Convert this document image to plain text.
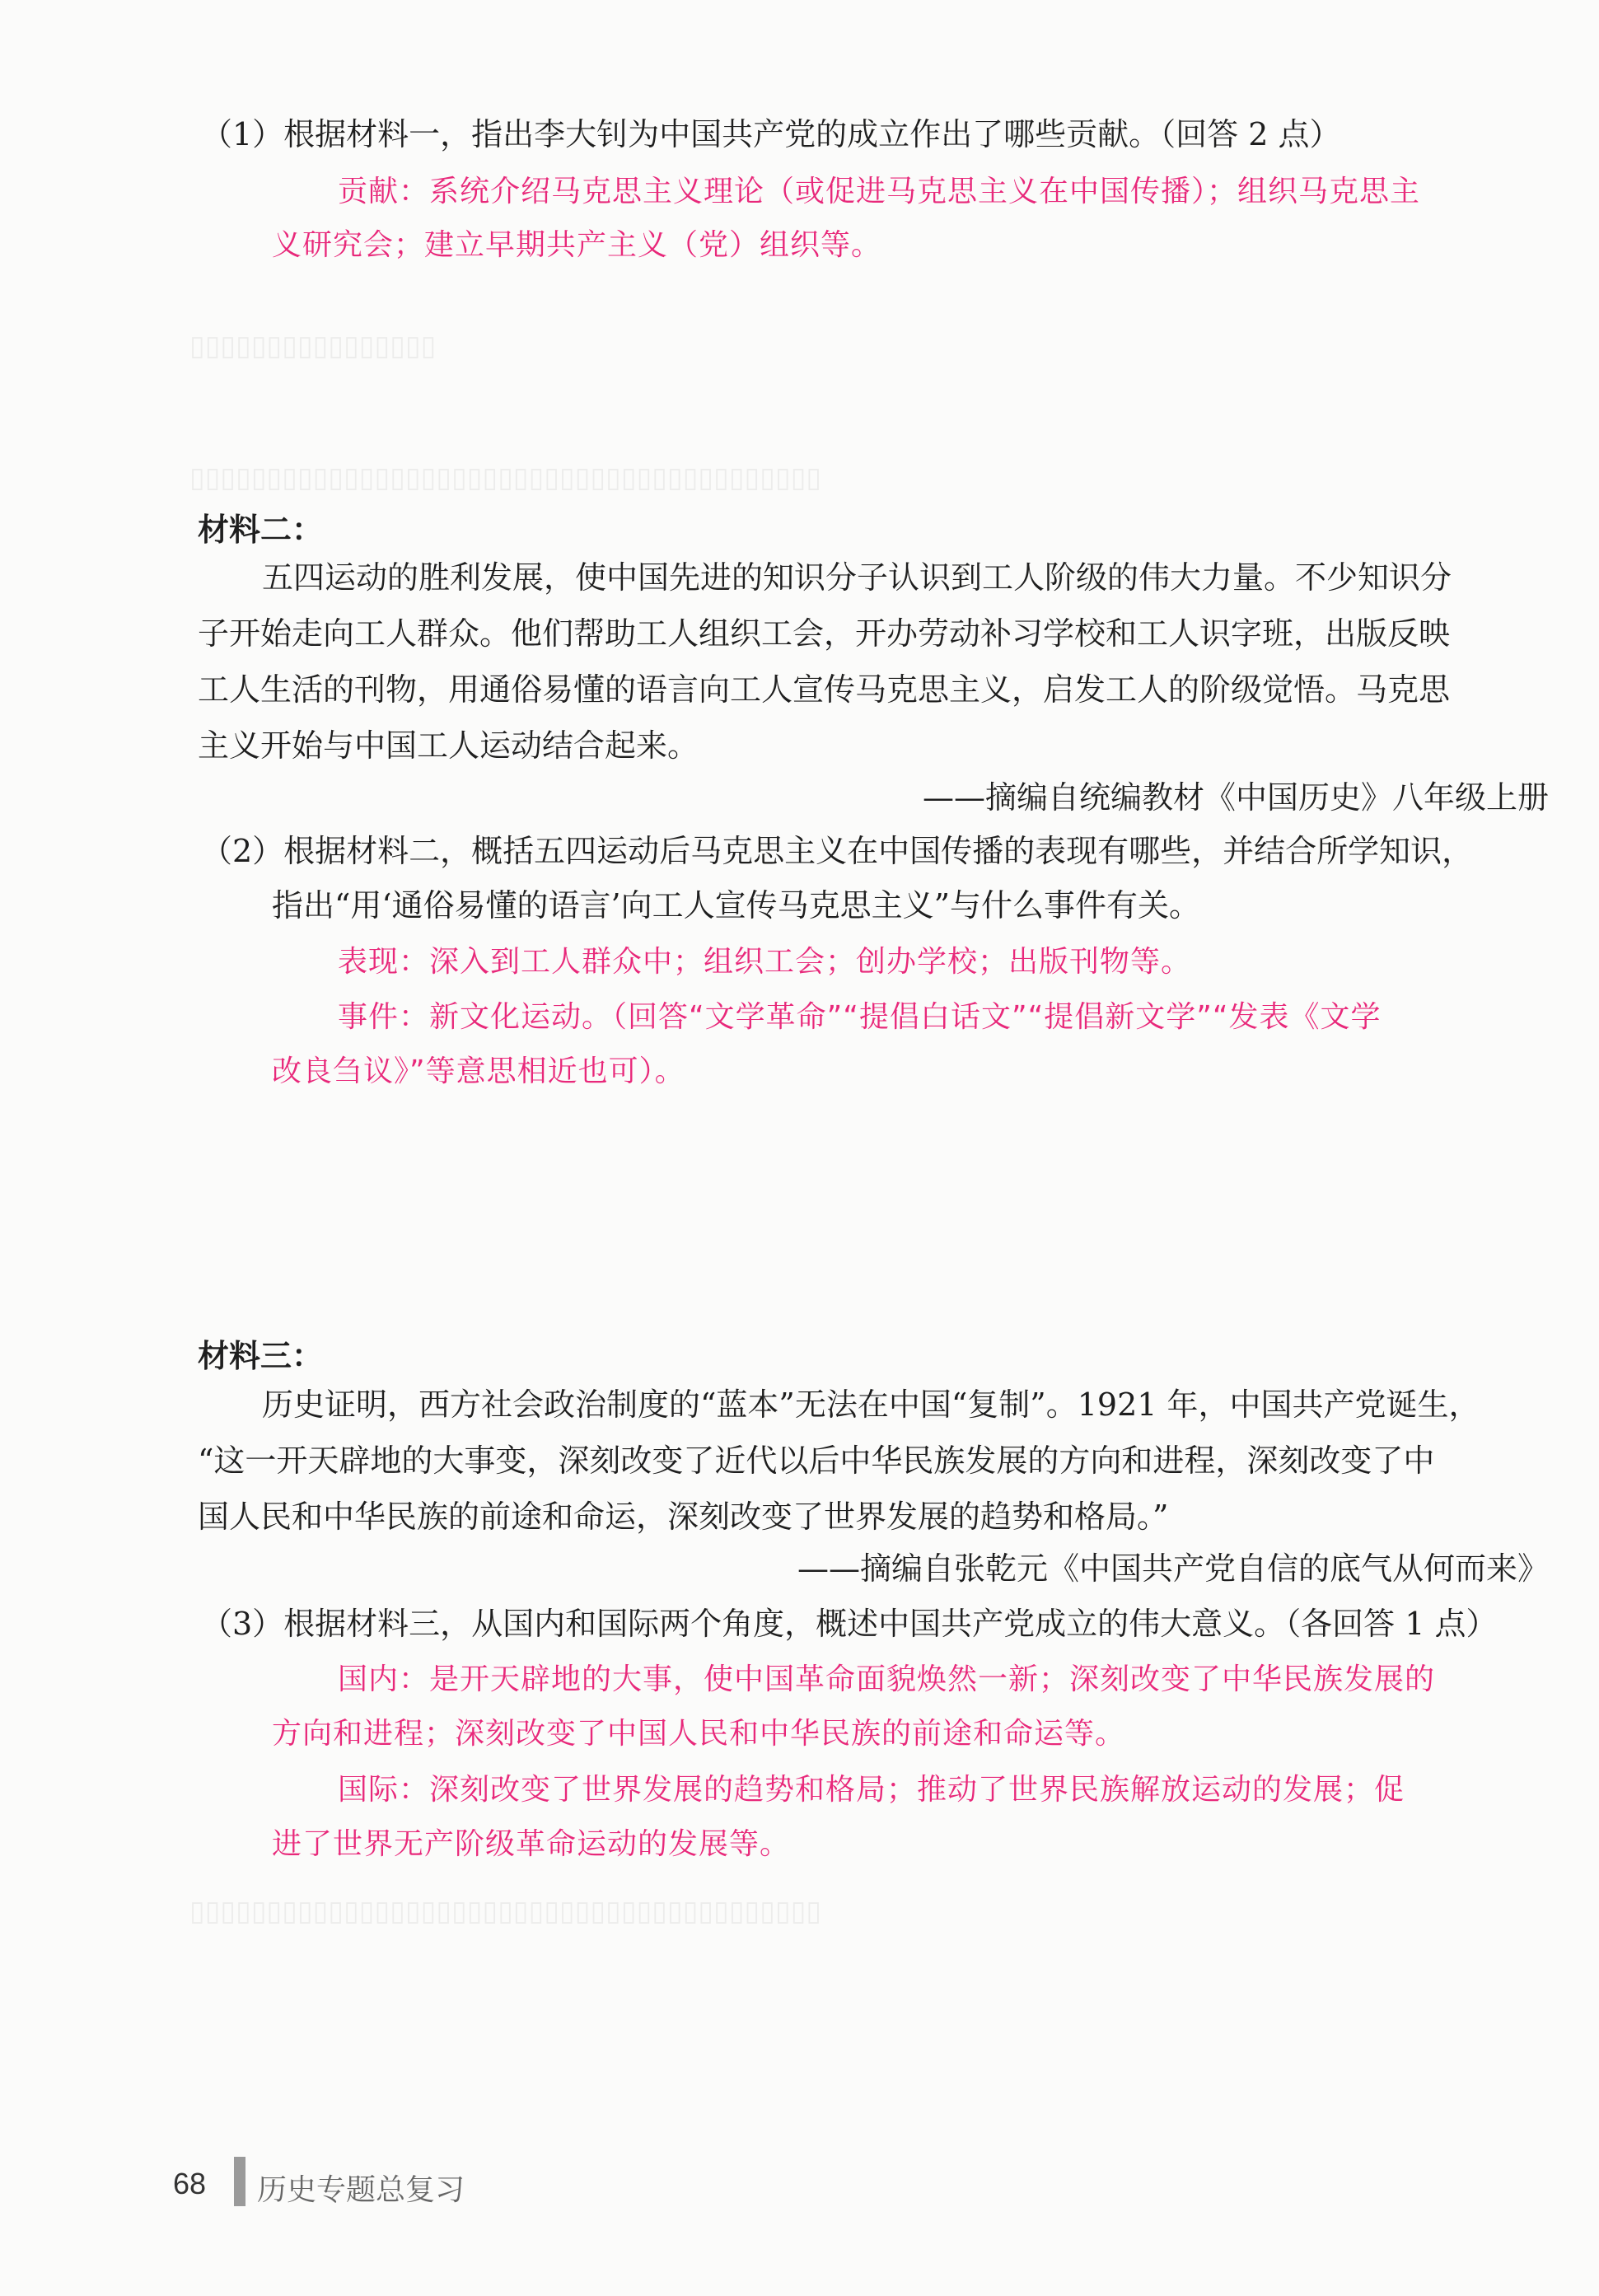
▯▯▯▯▯▯▯▯▯▯▯▯▯▯▯▯
▯▯▯▯▯▯▯▯▯▯▯▯▯▯▯▯▯▯▯▯▯▯▯▯▯▯▯▯▯▯▯▯▯▯▯▯▯▯▯▯▯
▯▯▯▯▯▯▯▯▯▯▯▯▯▯▯▯▯▯▯▯▯▯▯▯▯▯▯▯▯▯▯▯▯▯▯▯▯▯▯▯▯
（1）根据材料一，指出李大钊为中国共产党的成立作出了哪些贡献。（回答 2 点）
贡献：系统介绍马克思主义理论（或促进马克思主义在中国传播）；组织马克思主
义研究会；建立早期共产主义（党）组织等。
材料二：
五四运动的胜利发展，使中国先进的知识分子认识到工人阶级的伟大力量。不少知识分
子开始走向工人群众。他们帮助工人组织工会，开办劳动补习学校和工人识字班，出版反映
工人生活的刊物，用通俗易懂的语言向工人宣传马克思主义，启发工人的阶级觉悟。马克思
主义开始与中国工人运动结合起来。
——摘编自统编教材《中国历史》八年级上册
（2）根据材料二，概括五四运动后马克思主义在中国传播的表现有哪些，并结合所学知识，
指出“用‘通俗易懂的语言’向工人宣传马克思主义”与什么事件有关。
表现：深入到工人群众中；组织工会；创办学校；出版刊物等。
事件：新文化运动。（回答“文学革命”“提倡白话文”“提倡新文学”“发表《文学
改良刍议》”等意思相近也可）。
材料三：
历史证明，西方社会政治制度的“蓝本”无法在中国“复制”。1921 年，中国共产党诞生，
“这一开天辟地的大事变，深刻改变了近代以后中华民族发展的方向和进程，深刻改变了中
国人民和中华民族的前途和命运，深刻改变了世界发展的趋势和格局。”
——摘编自张乾元《中国共产党自信的底气从何而来》
（3）根据材料三，从国内和国际两个角度，概述中国共产党成立的伟大意义。（各回答 1 点）
国内：是开天辟地的大事，使中国革命面貌焕然一新；深刻改变了中华民族发展的
方向和进程；深刻改变了中国人民和中华民族的前途和命运等。
国际：深刻改变了世界发展的趋势和格局；推动了世界民族解放运动的发展；促
进了世界无产阶级革命运动的发展等。
68 历史专题总复习
